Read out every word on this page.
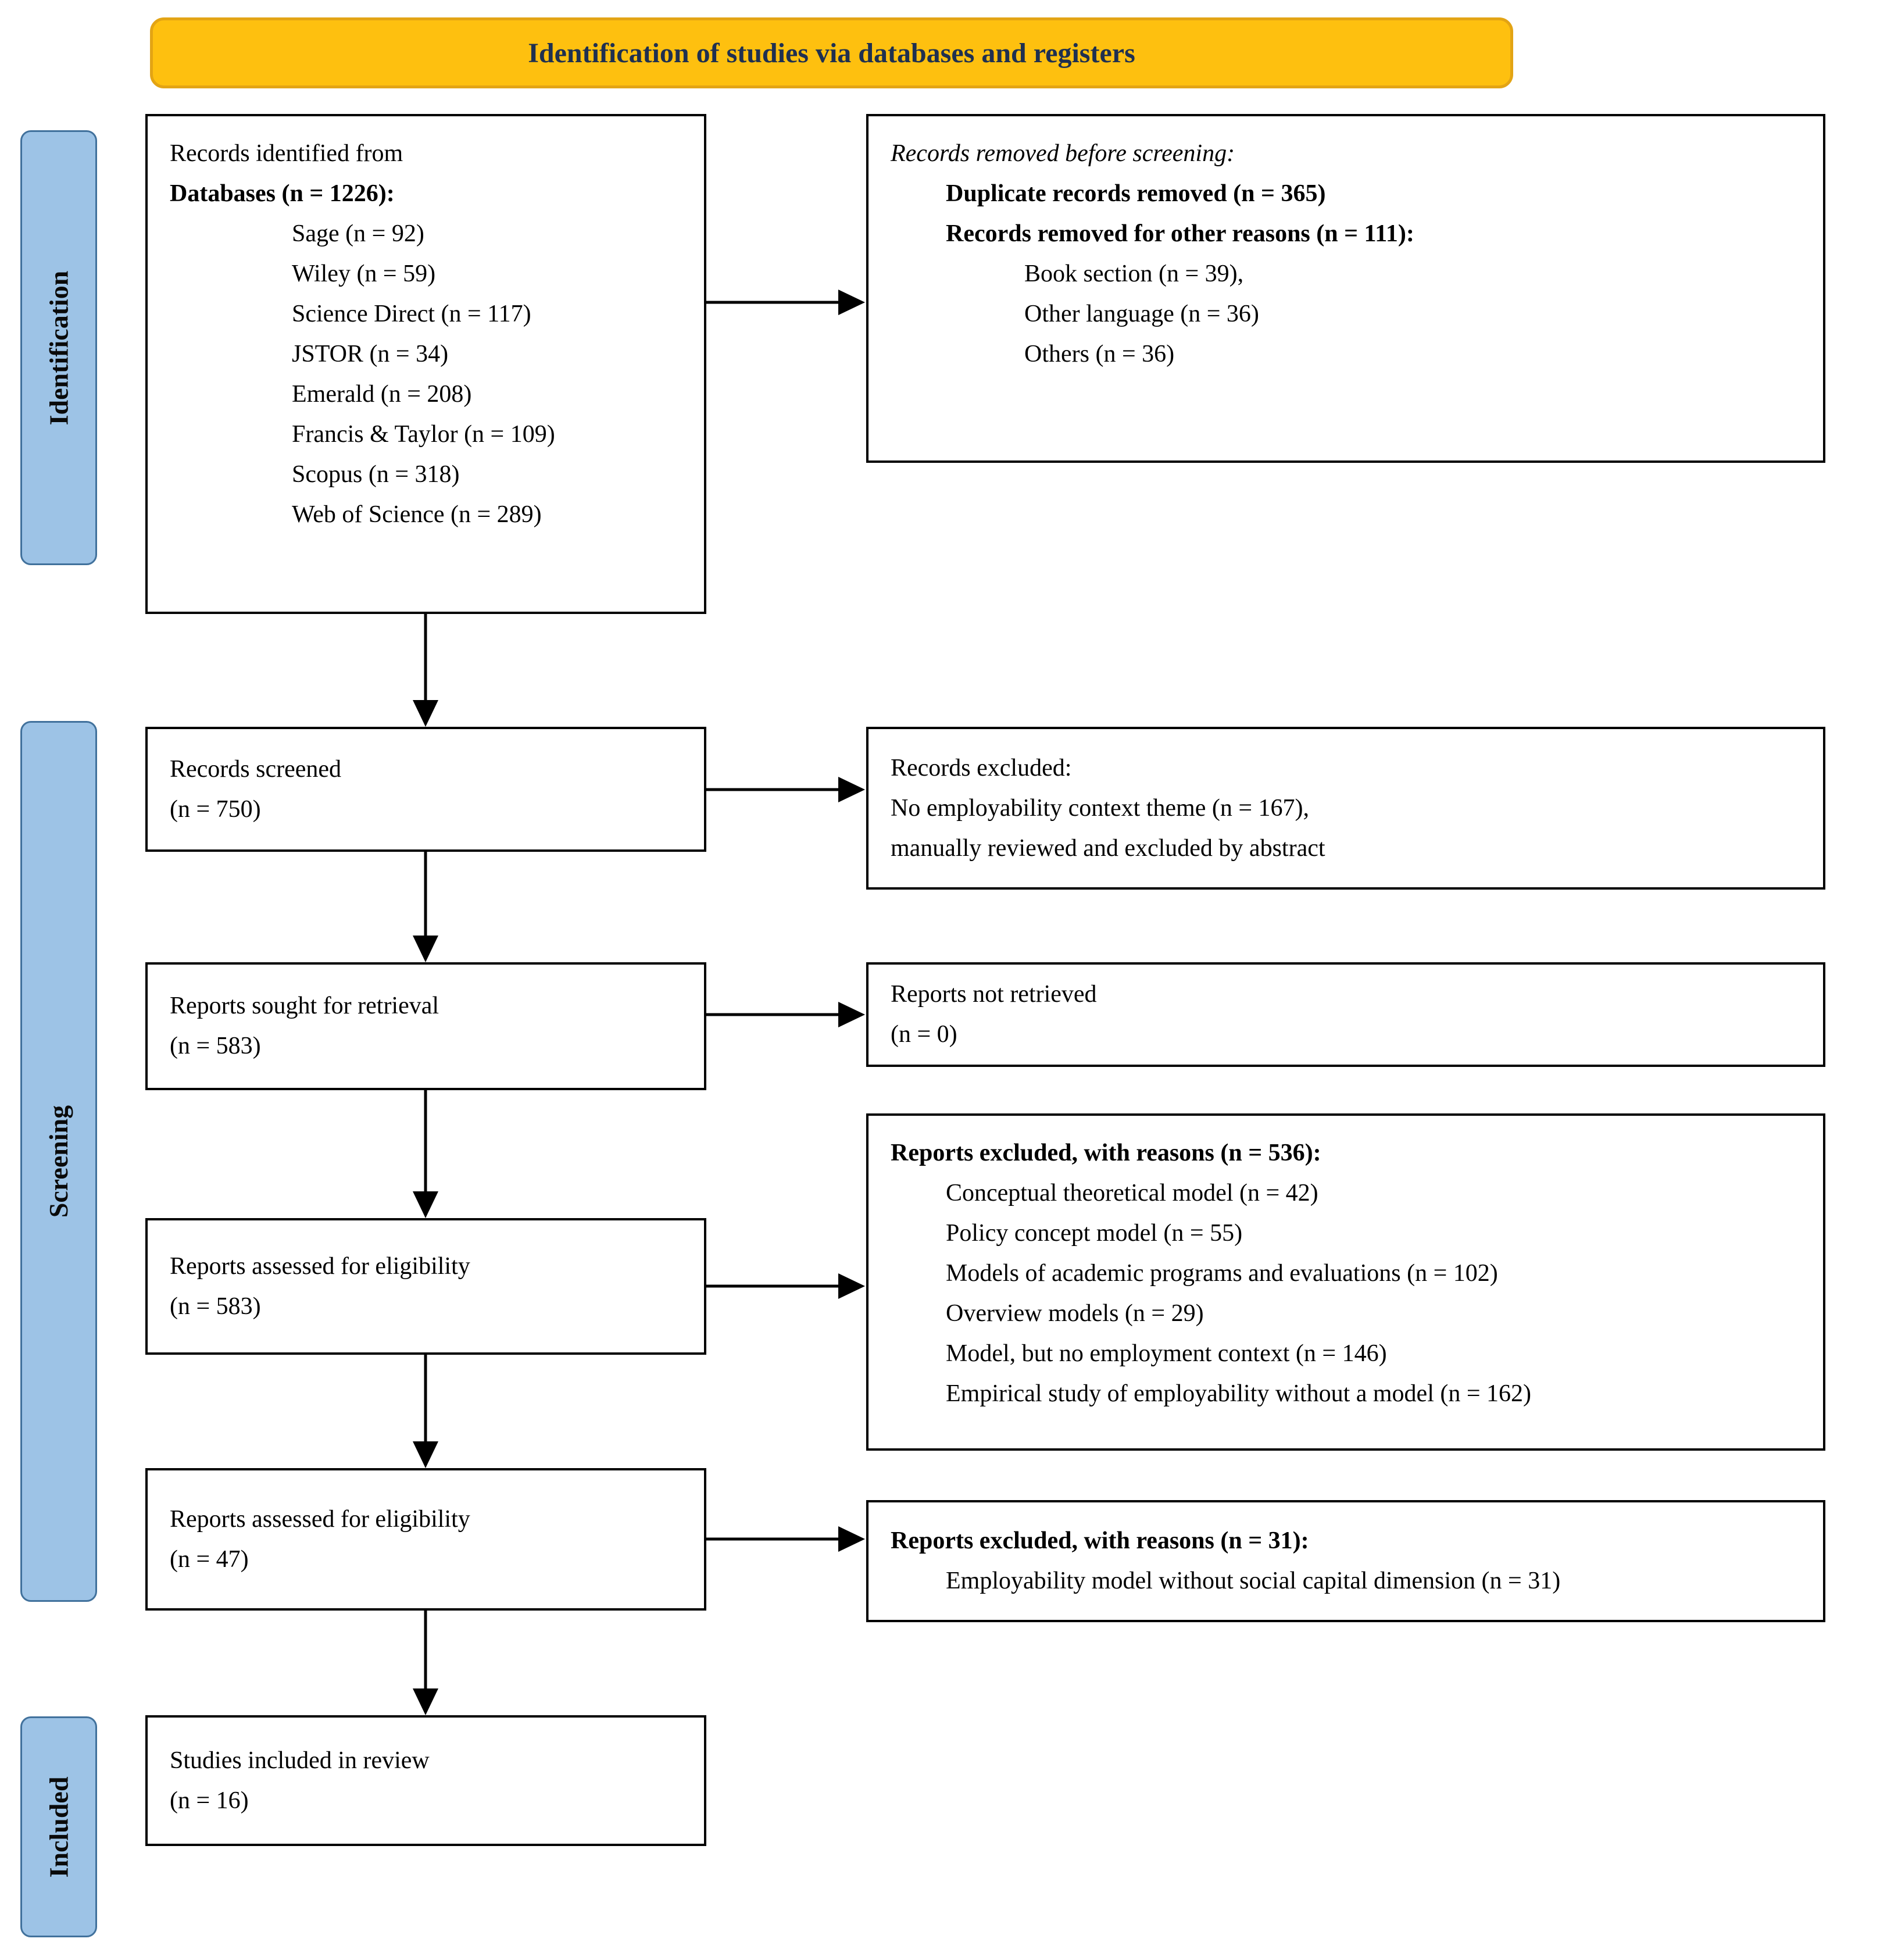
Identification of studies via databases and registers
Identification
Screening
Included
Records identified from
Databases (n = 1226):
Sage (n = 92)
Wiley (n = 59)
Science Direct (n = 117)
JSTOR (n = 34)
Emerald (n = 208)
Francis & Taylor (n = 109)
Scopus (n = 318)
Web of Science (n = 289)
Records screened
(n = 750)
Reports sought for retrieval
(n = 583)
Reports assessed for eligibility
(n = 583)
Reports assessed for eligibility
(n = 47)
Studies included in review
(n = 16)
Records removed before screening:
Duplicate records removed (n = 365)
Records removed for other reasons (n = 111):
Book section (n = 39),
Other language (n = 36)
Others (n = 36)
Records excluded:
No employability context theme (n = 167),
manually reviewed and excluded by abstract
Reports not retrieved
(n = 0)
Reports excluded, with reasons (n = 536):
Conceptual theoretical model (n = 42)
Policy concept model (n = 55)
Models of academic programs and evaluations (n = 102)
Overview models (n = 29)
Model, but no employment context (n = 146)
Empirical study of employability without a model (n = 162)
Reports excluded, with reasons (n = 31):
Employability model without social capital dimension (n = 31)
